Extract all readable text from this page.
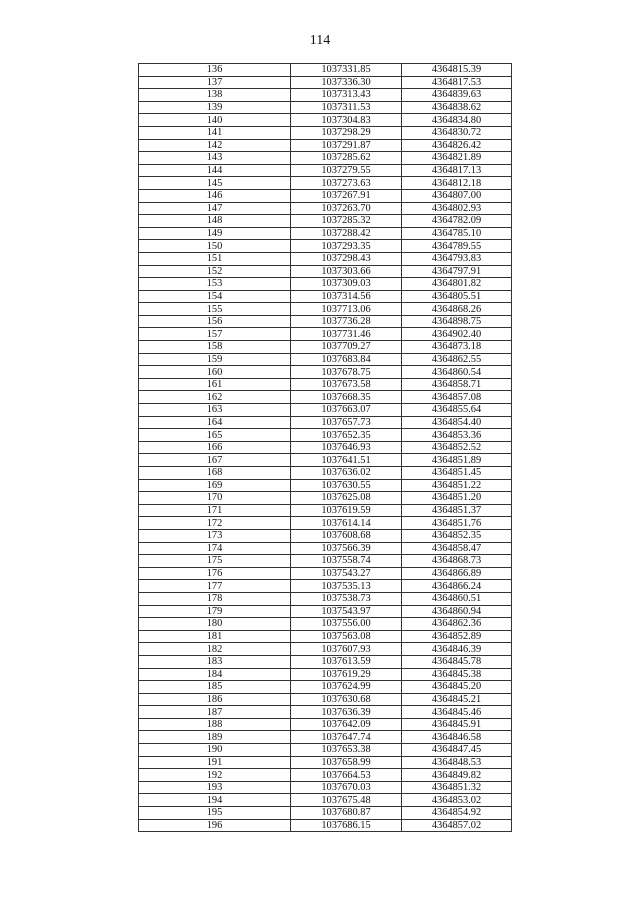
114
136	1037331.85	4364815.39
137	1037336.30	4364817.53
138	1037313.43	4364839.63
139	1037311.53	4364838.62
140	1037304.83	4364834.80
141	1037298.29	4364830.72
142	1037291.87	4364826.42
143	1037285.62	4364821.89
144	1037279.55	4364817.13
145	1037273.63	4364812.18
146	1037267.91	4364807.00
147	1037263.70	4364802.93
148	1037285.32	4364782.09
149	1037288.42	4364785.10
150	1037293.35	4364789.55
151	1037298.43	4364793.83
152	1037303.66	4364797.91
153	1037309.03	4364801.82
154	1037314.56	4364805.51
155	1037713.06	4364868.26
156	1037736.28	4364898.75
157	1037731.46	4364902.40
158	1037709.27	4364873.18
159	1037683.84	4364862.55
160	1037678.75	4364860.54
161	1037673.58	4364858.71
162	1037668.35	4364857.08
163	1037663.07	4364855.64
164	1037657.73	4364854.40
165	1037652.35	4364853.36
166	1037646.93	4364852.52
167	1037641.51	4364851.89
168	1037636.02	4364851.45
169	1037630.55	4364851.22
170	1037625.08	4364851.20
171	1037619.59	4364851.37
172	1037614.14	4364851.76
173	1037608.68	4364852.35
174	1037566.39	4364858.47
175	1037558.74	4364868.73
176	1037543.27	4364866.89
177	1037535.13	4364866.24
178	1037538.73	4364860.51
179	1037543.97	4364860.94
180	1037556.00	4364862.36
181	1037563.08	4364852.89
182	1037607.93	4364846.39
183	1037613.59	4364845.78
184	1037619.29	4364845.38
185	1037624.99	4364845.20
186	1037630.68	4364845.21
187	1037636.39	4364845.46
188	1037642.09	4364845.91
189	1037647.74	4364846.58
190	1037653.38	4364847.45
191	1037658.99	4364848.53
192	1037664.53	4364849.82
193	1037670.03	4364851.32
194	1037675.48	4364853.02
195	1037680.87	4364854.92
196	1037686.15	4364857.02
